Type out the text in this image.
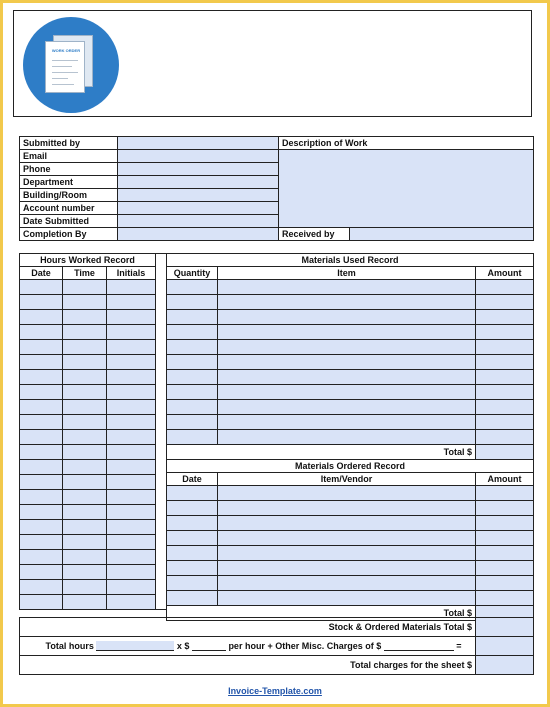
WORK ORDER
Submitted by		Description of Work	
Email			
Phone			
Department			
Building/Room			
Account number			
Date Submitted			
Completion By		Received by	
Hours Worked Record		
Date	Time	Initials

Materials Used Record		
Quantity	Item	Amount

Total $		
Materials Ordered Record		
Date	Item/Vendor	Amount

Total $		
Stock & Ordered Materials Total $	
Total hours x $ per hour + Other Misc. Charges of $ =	
Total charges for the sheet $	
Invoice-Template.com
